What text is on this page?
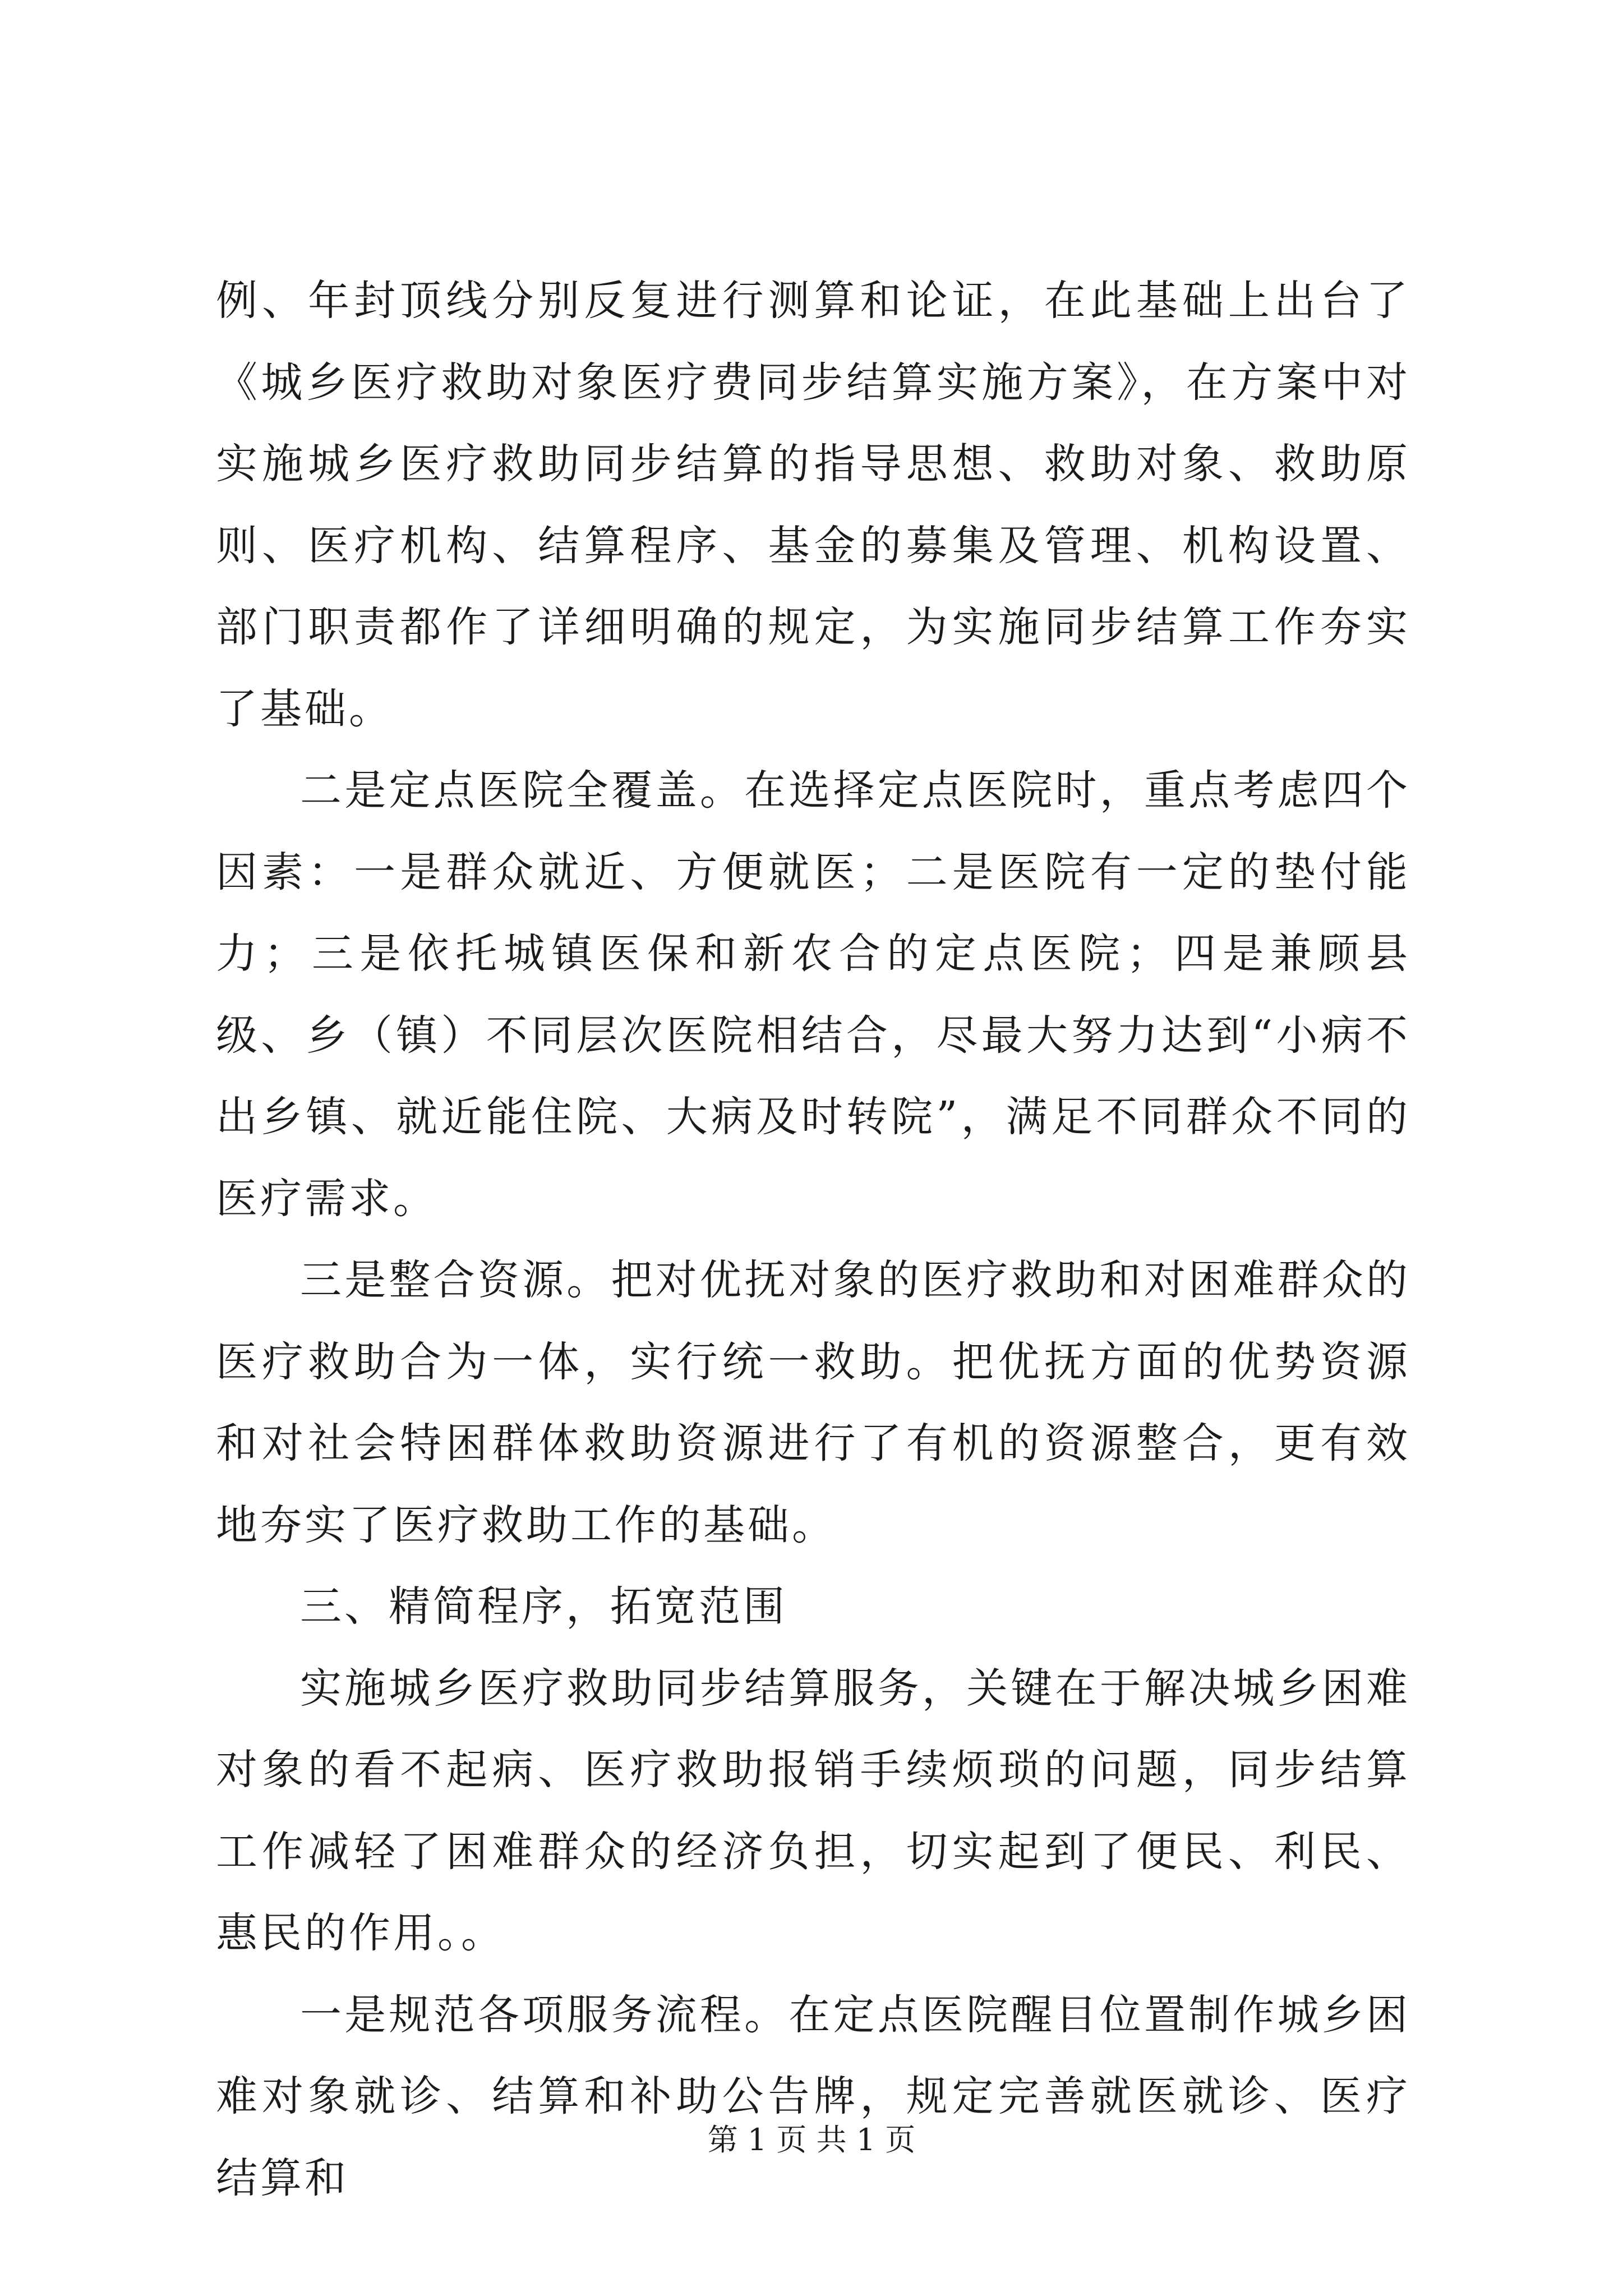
例、年封顶线分别反复进行测算和论证，在此基础上出台了《城乡医疗救助对象医疗费同步结算实施方案》，在方案中对实施城乡医疗救助同步结算的指导思想、救助对象、救助原则、医疗机构、结算程序、基金的募集及管理、机构设置、部门职责都作了详细明确的规定，为实施同步结算工作夯实了基础。

二是定点医院全覆盖。在选择定点医院时，重点考虑四个因素：一是群众就近、方便就医；二是医院有一定的垫付能力；三是依托城镇医保和新农合的定点医院；四是兼顾县级、乡（镇）不同层次医院相结合，尽最大努力达到“小病不出乡镇、就近能住院、大病及时转院”，满足不同群众不同的医疗需求。

三是整合资源。把对优抚对象的医疗救助和对困难群众的医疗救助合为一体，实行统一救助。把优抚方面的优势资源和对社会特困群体救助资源进行了有机的资源整合，更有效地夯实了医疗救助工作的基础。

三、精简程序，拓宽范围

实施城乡医疗救助同步结算服务，关键在于解决城乡困难对象的看不起病、医疗救助报销手续烦琐的问题，同步结算工作减轻了困难群众的经济负担，切实起到了便民、利民、惠民的作用。。

一是规范各项服务流程。在定点医院醒目位置制作城乡困难对象就诊、结算和补助公告牌，规定完善就医就诊、医疗结算和

第 1 页 共 1 页
